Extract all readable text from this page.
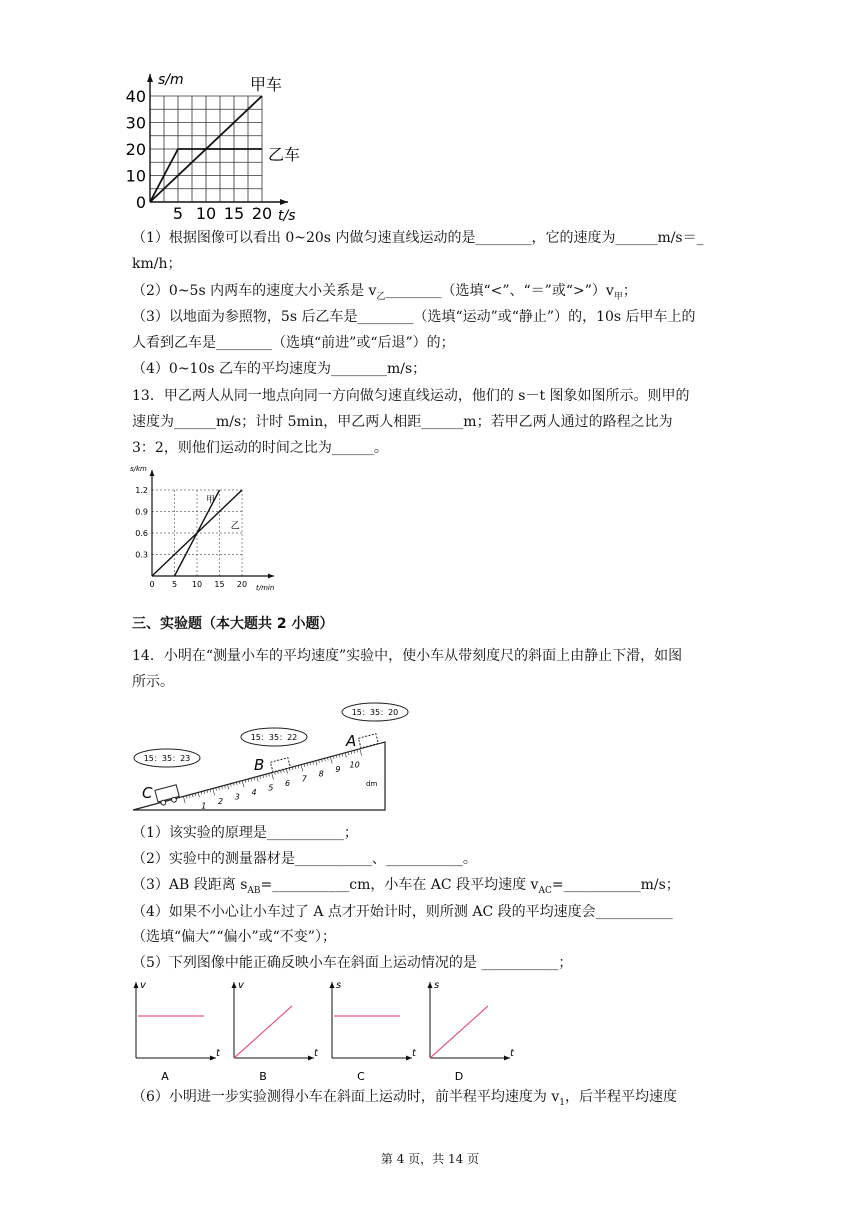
0
10
20
30
40
5 10 15 20
s/m
t/s
甲车
乙车
（1）根据图像可以看出 0~20s 内做匀速直线运动的是________，它的速度为______m/s＝_
km/h；
（2）0~5s 内两车的速度大小关系是 $v_乙\_\_\_\_\_\_\_\_$（选填“<”、“＝”或“$>”)v_甲$；
（3）以地面为参照物，5s 后乙车是________（选填“运动”或“静止”）的，10s 后甲车上的
人看到乙车是________（选填“前进”或“后退”）的；
（4）0~10s 乙车的平均速度为________m/s；
13．甲乙两人从同一地点向同一方向做匀速直线运动，他们的 s－t 图象如图所示。则甲的
速度为______m/s；计时 5min，甲乙两人相距______m；若甲乙两人通过的路程之比为
3：2，则他们运动的时间之比为______。
0.3
0.6
0.9
1.2
0 5 10 15 20
s/km
t/min
甲
乙
三、实验题（本大题共 2 小题）
14．小明在“测量小车的平均速度”实验中，使小车从带刻度尺的斜面上由静止下滑，如图
所示。
1
2
3
4
5
6
7
8
9
10
dm
A
B
C
15：35：20
15：35：22
15：35：23
（1）该实验的原理是___________；
（2）实验中的测量器材是___________、___________。
（3）AB 段距离 $s_{AB}=\_\_\_\_\_\_\_\_\_\_\_cm$，小车在 AC 段平均速度 $v_{AC}=\_\_\_\_\_\_\_\_\_\_\_m/s$；
（4）如果不小心让小车过了 A 点才开始计时，则所测 AC 段的平均速度会___________
（选填“偏大”“偏小”或“不变”）；
（5）下列图像中能正确反映小车在斜面上运动情况的是 ___________；
v
t
A
v
t
B
s
t
C
s
t
D
（6）小明进一步实验测得小车在斜面上运动时，前半程平均速度为 $v_1$，后半程平均速度
第 4 页，共 14 页
